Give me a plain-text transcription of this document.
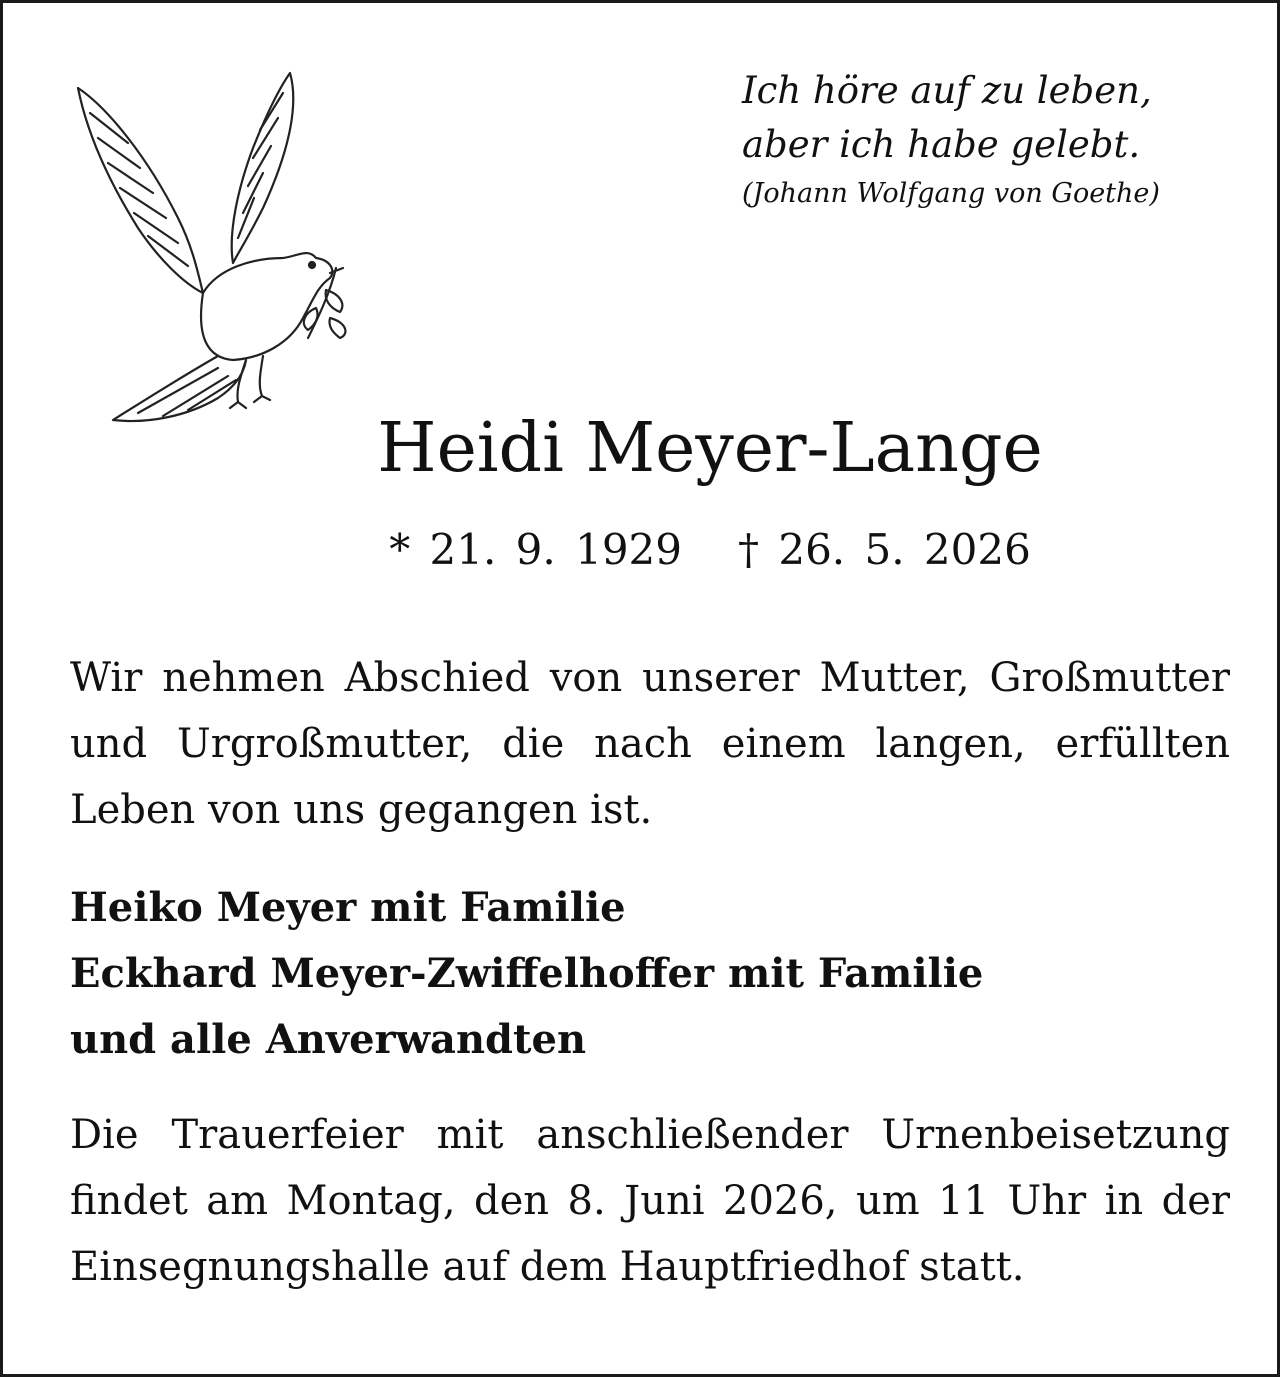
Ich höre auf zu leben,
aber ich habe gelebt.
(Johann Wolfgang von Goethe)
Heidi Meyer-Lange
* 21. 9. 1929 † 26. 5. 2026
Wir nehmen Abschied von unserer Mutter, Großmutter
und Urgroßmutter, die nach einem langen, erfüllten
Leben von uns gegangen ist.
Heiko Meyer mit Familie
Eckhard Meyer-Zwiffelhoffer mit Familie
und alle Anverwandten
Die Trauerfeier mit anschließender Urnenbeisetzung
findet am Montag, den 8. Juni 2026, um 11 Uhr in der
Einsegnungshalle auf dem Hauptfriedhof statt.
